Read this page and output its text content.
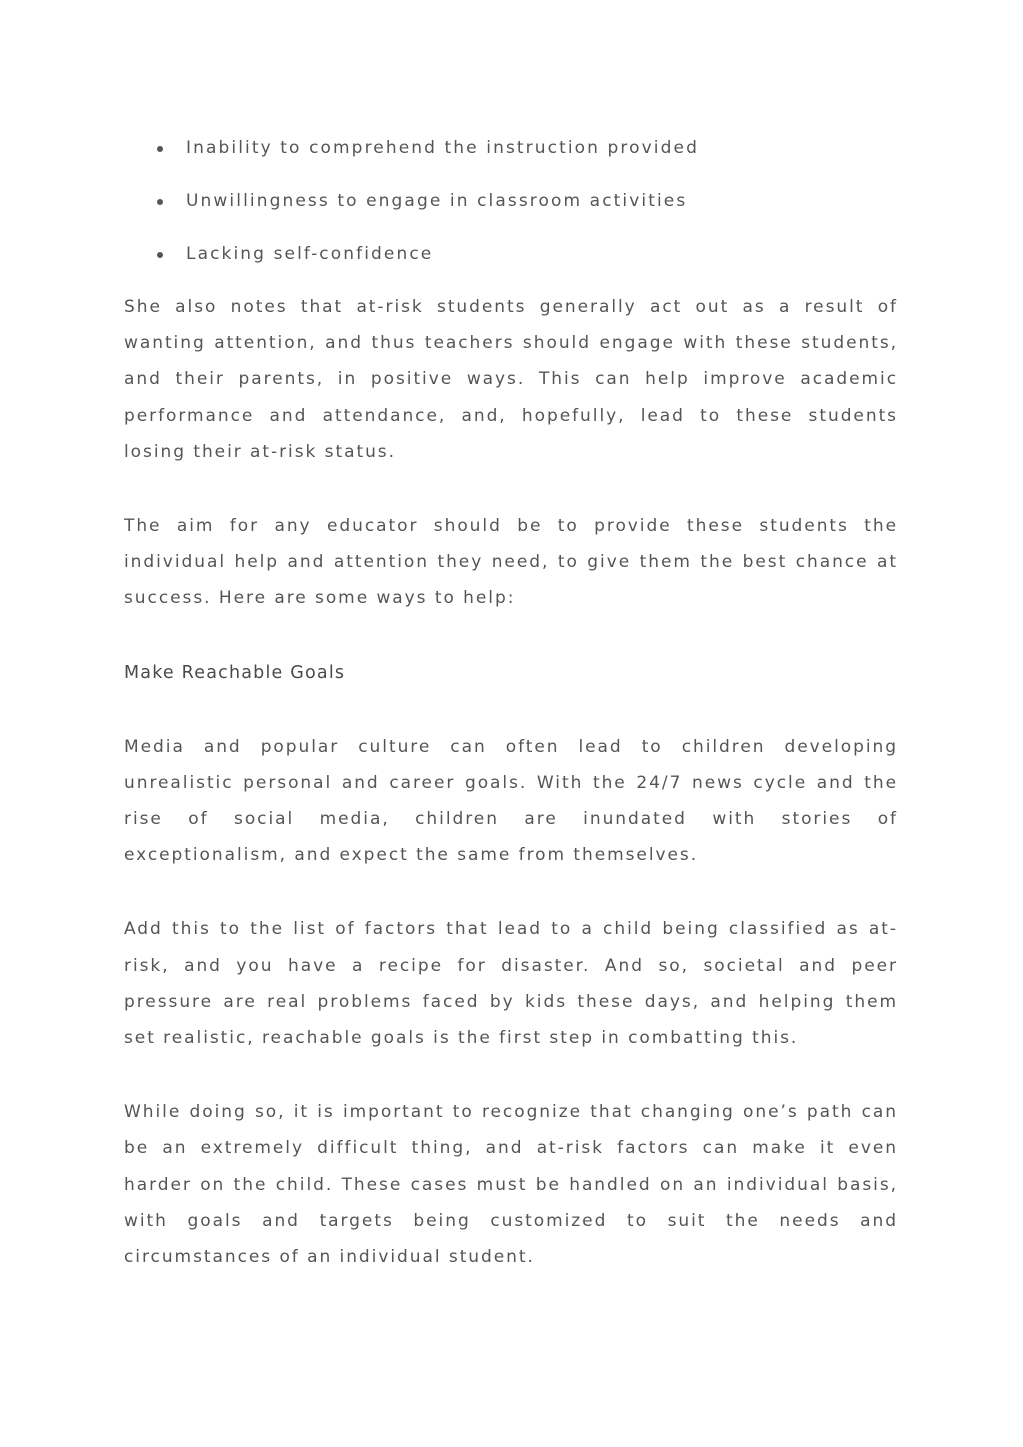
Inability to comprehend the instruction provided
Unwillingness to engage in classroom activities
Lacking self-confidence

She also notes that at-risk students generally act out as a result of wanting attention, and thus teachers should engage with these students, and their parents, in positive ways. This can help improve academic performance and attendance, and, hopefully, lead to these students losing their at-risk status.

The aim for any educator should be to provide these students the individual help and attention they need, to give them the best chance at success. Here are some ways to help:

Make Reachable Goals

Media and popular culture can often lead to children developing unrealistic personal and career goals. With the 24/7 news cycle and the rise of social media, children are inundated with stories of exceptionalism, and expect the same from themselves.

Add this to the list of factors that lead to a child being classified as at-risk, and you have a recipe for disaster. And so, societal and peer pressure are real problems faced by kids these days, and helping them set realistic, reachable goals is the first step in combatting this.

While doing so, it is important to recognize that changing one’s path can be an extremely difficult thing, and at-risk factors can make it even harder on the child. These cases must be handled on an individual basis, with goals and targets being customized to suit the needs and circumstances of an individual student.
